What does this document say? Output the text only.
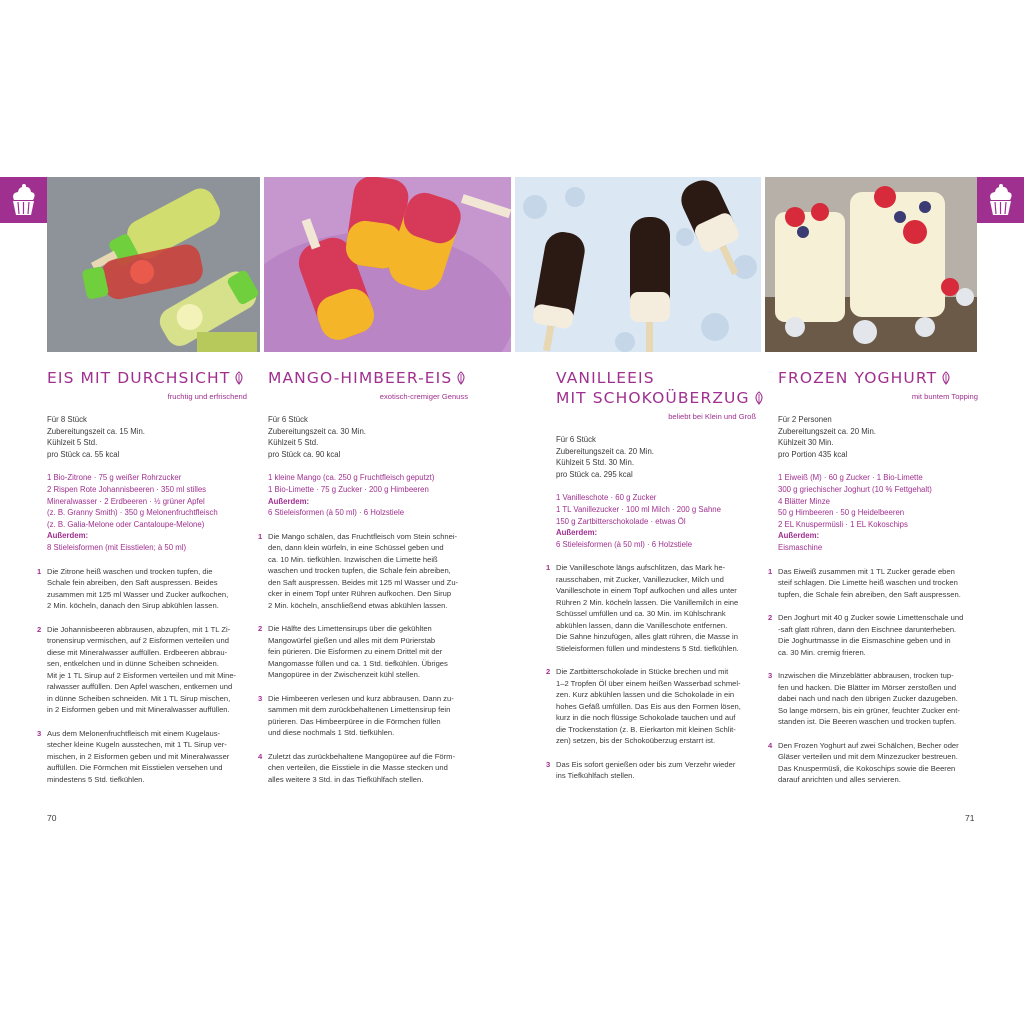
EIS MIT DURCHSICHT
fruchtig und erfrischend
Für 8 Stück
Zubereitungszeit ca. 15 Min.
Kühlzeit 5 Std.
pro Stück ca. 55 kcal
1 Bio-Zitrone · 75 g weißer Rohrzucker
2 Rispen Rote Johannisbeeren · 350 ml stilles
Mineralwasser · 2 Erdbeeren · ½ grüner Apfel
(z. B. Granny Smith) · 350 g Melonenfruchtfleisch
(z. B. Galia-Melone oder Cantaloupe-Melone)
Außerdem:
8 Stieleisformen (mit Eisstielen; à 50 ml)
1 Die Zitrone heiß waschen und trocken tupfen, die
Schale fein abreiben, den Saft auspressen. Beides
zusammen mit 125 ml Wasser und Zucker aufkochen,
2 Min. köcheln, danach den Sirup abkühlen lassen.
2 Die Johannisbeeren abbrausen, abzupfen, mit 1 TL Zi-
tronensirup vermischen, auf 2 Eisformen verteilen und
diese mit Mineralwasser auffüllen. Erdbeeren abbrau-
sen, entkelchen und in dünne Scheiben schneiden.
Mit je 1 TL Sirup auf 2 Eisformen verteilen und mit Mine-
ralwasser auffüllen. Den Apfel waschen, entkernen und
in dünne Scheiben schneiden. Mit 1 TL Sirup mischen,
in 2 Eisformen geben und mit Mineralwasser auffüllen.
3 Aus dem Melonenfruchtfleisch mit einem Kugelaus-
stecher kleine Kugeln ausstechen, mit 1 TL Sirup ver-
mischen, in 2 Eisformen geben und mit Mineralwasser
auffüllen. Die Förmchen mit Eisstielen versehen und
mindestens 5 Std. tiefkühlen.
MANGO-HIMBEER-EIS
exotisch-cremiger Genuss
Für 6 Stück
Zubereitungszeit ca. 30 Min.
Kühlzeit 5 Std.
pro Stück ca. 90 kcal
1 kleine Mango (ca. 250 g Fruchtfleisch geputzt)
1 Bio-Limette · 75 g Zucker · 200 g Himbeeren
Außerdem:
6 Stieleisformen (à 50 ml) · 6 Holzstiele
1 Die Mango schälen, das Fruchtfleisch vom Stein schnei-
den, dann klein würfeln, in eine Schüssel geben und
ca. 10 Min. tiefkühlen. Inzwischen die Limette heiß
waschen und trocken tupfen, die Schale fein abreiben,
den Saft auspressen. Beides mit 125 ml Wasser und Zu-
cker in einem Topf unter Rühren aufkochen. Den Sirup
2 Min. köcheln, anschließend etwas abkühlen lassen.
2 Die Hälfte des Limettensirups über die gekühlten
Mangowürfel gießen und alles mit dem Pürierstab
fein pürieren. Die Eisformen zu einem Drittel mit der
Mangomasse füllen und ca. 1 Std. tiefkühlen. Übriges
Mangopüree in der Zwischenzeit kühl stellen.
3 Die Himbeeren verlesen und kurz abbrausen. Dann zu-
sammen mit dem zurückbehaltenen Limettensirup fein
pürieren. Das Himbeerpüree in die Förmchen füllen
und diese nochmals 1 Std. tiefkühlen.
4 Zuletzt das zurückbehaltene Mangopüree auf die Förm-
chen verteilen, die Eisstiele in die Masse stecken und
alles weitere 3 Std. in das Tiefkühlfach stellen.
VANILLEEIS
MIT SCHOKOÜBERZUG
beliebt bei Klein und Groß
Für 6 Stück
Zubereitungszeit ca. 20 Min.
Kühlzeit 5 Std. 30 Min.
pro Stück ca. 295 kcal
1 Vanilleschote · 60 g Zucker
1 TL Vanillezucker · 100 ml Milch · 200 g Sahne
150 g Zartbitterschokolade · etwas Öl
Außerdem:
6 Stieleisformen (à 50 ml) · 6 Holzstiele
1 Die Vanilleschote längs aufschlitzen, das Mark he-
rausschaben, mit Zucker, Vanillezucker, Milch und
Vanilleschote in einem Topf aufkochen und alles unter
Rühren 2 Min. köcheln lassen. Die Vanillemilch in eine
Schüssel umfüllen und ca. 30 Min. im Kühlschrank
abkühlen lassen, dann die Vanilleschote entfernen.
Die Sahne hinzufügen, alles glatt rühren, die Masse in
Stieleisformen füllen und mindestens 5 Std. tiefkühlen.
2 Die Zartbitterschokolade in Stücke brechen und mit
1–2 Tropfen Öl über einem heißen Wasserbad schmel-
zen. Kurz abkühlen lassen und die Schokolade in ein
hohes Gefäß umfüllen. Das Eis aus den Formen lösen,
kurz in die noch flüssige Schokolade tauchen und auf
die Trockenstation (z. B. Eierkarton mit kleinen Schlit-
zen) setzen, bis der Schokoüberzug erstarrt ist.
3 Das Eis sofort genießen oder bis zum Verzehr wieder
ins Tiefkühlfach stellen.
FROZEN YOGHURT
mit buntem Topping
Für 2 Personen
Zubereitungszeit ca. 20 Min.
Kühlzeit 30 Min.
pro Portion 435 kcal
1 Eiweiß (M) · 60 g Zucker · 1 Bio-Limette
300 g griechischer Joghurt (10 % Fettgehalt)
4 Blätter Minze
50 g Himbeeren · 50 g Heidelbeeren
2 EL Knuspermüsli · 1 EL Kokoschips
Außerdem:
Eismaschine
1 Das Eiweiß zusammen mit 1 TL Zucker gerade eben
steif schlagen. Die Limette heiß waschen und trocken
tupfen, die Schale fein abreiben, den Saft auspressen.
2 Den Joghurt mit 40 g Zucker sowie Limettenschale und
-saft glatt rühren, dann den Eischnee darunterheben.
Die Joghurtmasse in die Eismaschine geben und in
ca. 30 Min. cremig frieren.
3 Inzwischen die Minzeblätter abbrausen, trocken tup-
fen und hacken. Die Blätter im Mörser zerstoßen und
dabei nach und nach den übrigen Zucker dazugeben.
So lange mörsern, bis ein grüner, feuchter Zucker ent-
standen ist. Die Beeren waschen und trocken tupfen.
4 Den Frozen Yoghurt auf zwei Schälchen, Becher oder
Gläser verteilen und mit dem Minzezucker bestreuen.
Das Knuspermüsli, die Kokoschips sowie die Beeren
darauf anrichten und alles servieren.
70	71
